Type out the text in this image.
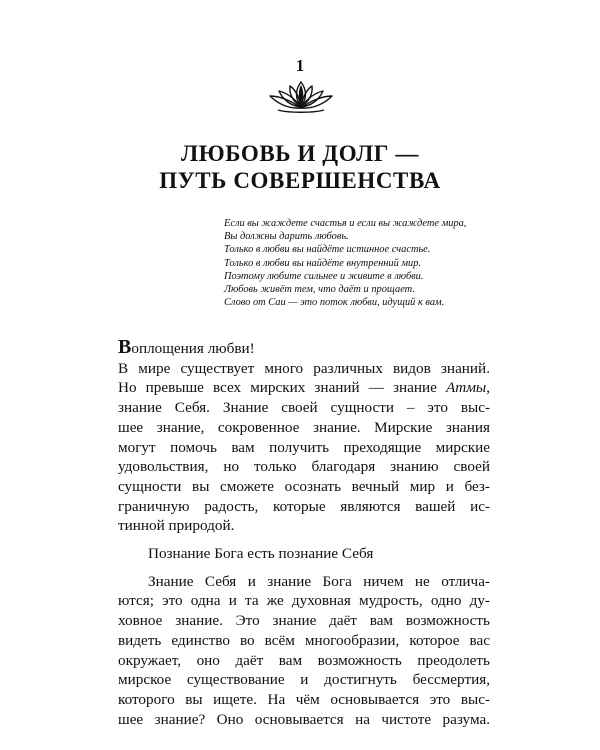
1
ЛЮБОВЬ И ДОЛГ —
ПУТЬ СОВЕРШЕНСТВА
Если вы жаждете счастья и если вы жаждете мира,
Вы должны дарить любовь.
Только в любви вы найдёте истинное счастье.
Только в любви вы найдёте внутренний мир.
Поэтому любите сильнее и живите в любви.
Любовь живёт тем, что даёт и прощает.
Слово от Саи — это поток любви, идущий к вам.
Воплощения любви!
В мире существует много различных видов знаний.
Но превыше всех мирских знаний — знание Атмы,
знание Себя. Знание своей сущности – это выс-
шее знание, сокровенное знание. Мирские знания
могут помочь вам получить преходящие мирские
удовольствия, но только благодаря знанию своей
сущности вы сможете осознать вечный мир и без-
граничную радость, которые являются вашей ис-
тинной природой.
Познание Бога есть познание Себя
Знание Себя и знание Бога ничем не отлича-
ются; это одна и та же духовная мудрость, одно ду-
ховное знание. Это знание даёт вам возможность
видеть единство во всём многообразии, которое вас
окружает, оно даёт вам возможность преодолеть
мирское существование и достигнуть бессмертия,
которого вы ищете. На чём основывается это выс-
шее знание? Оно основывается на чистоте разума.
